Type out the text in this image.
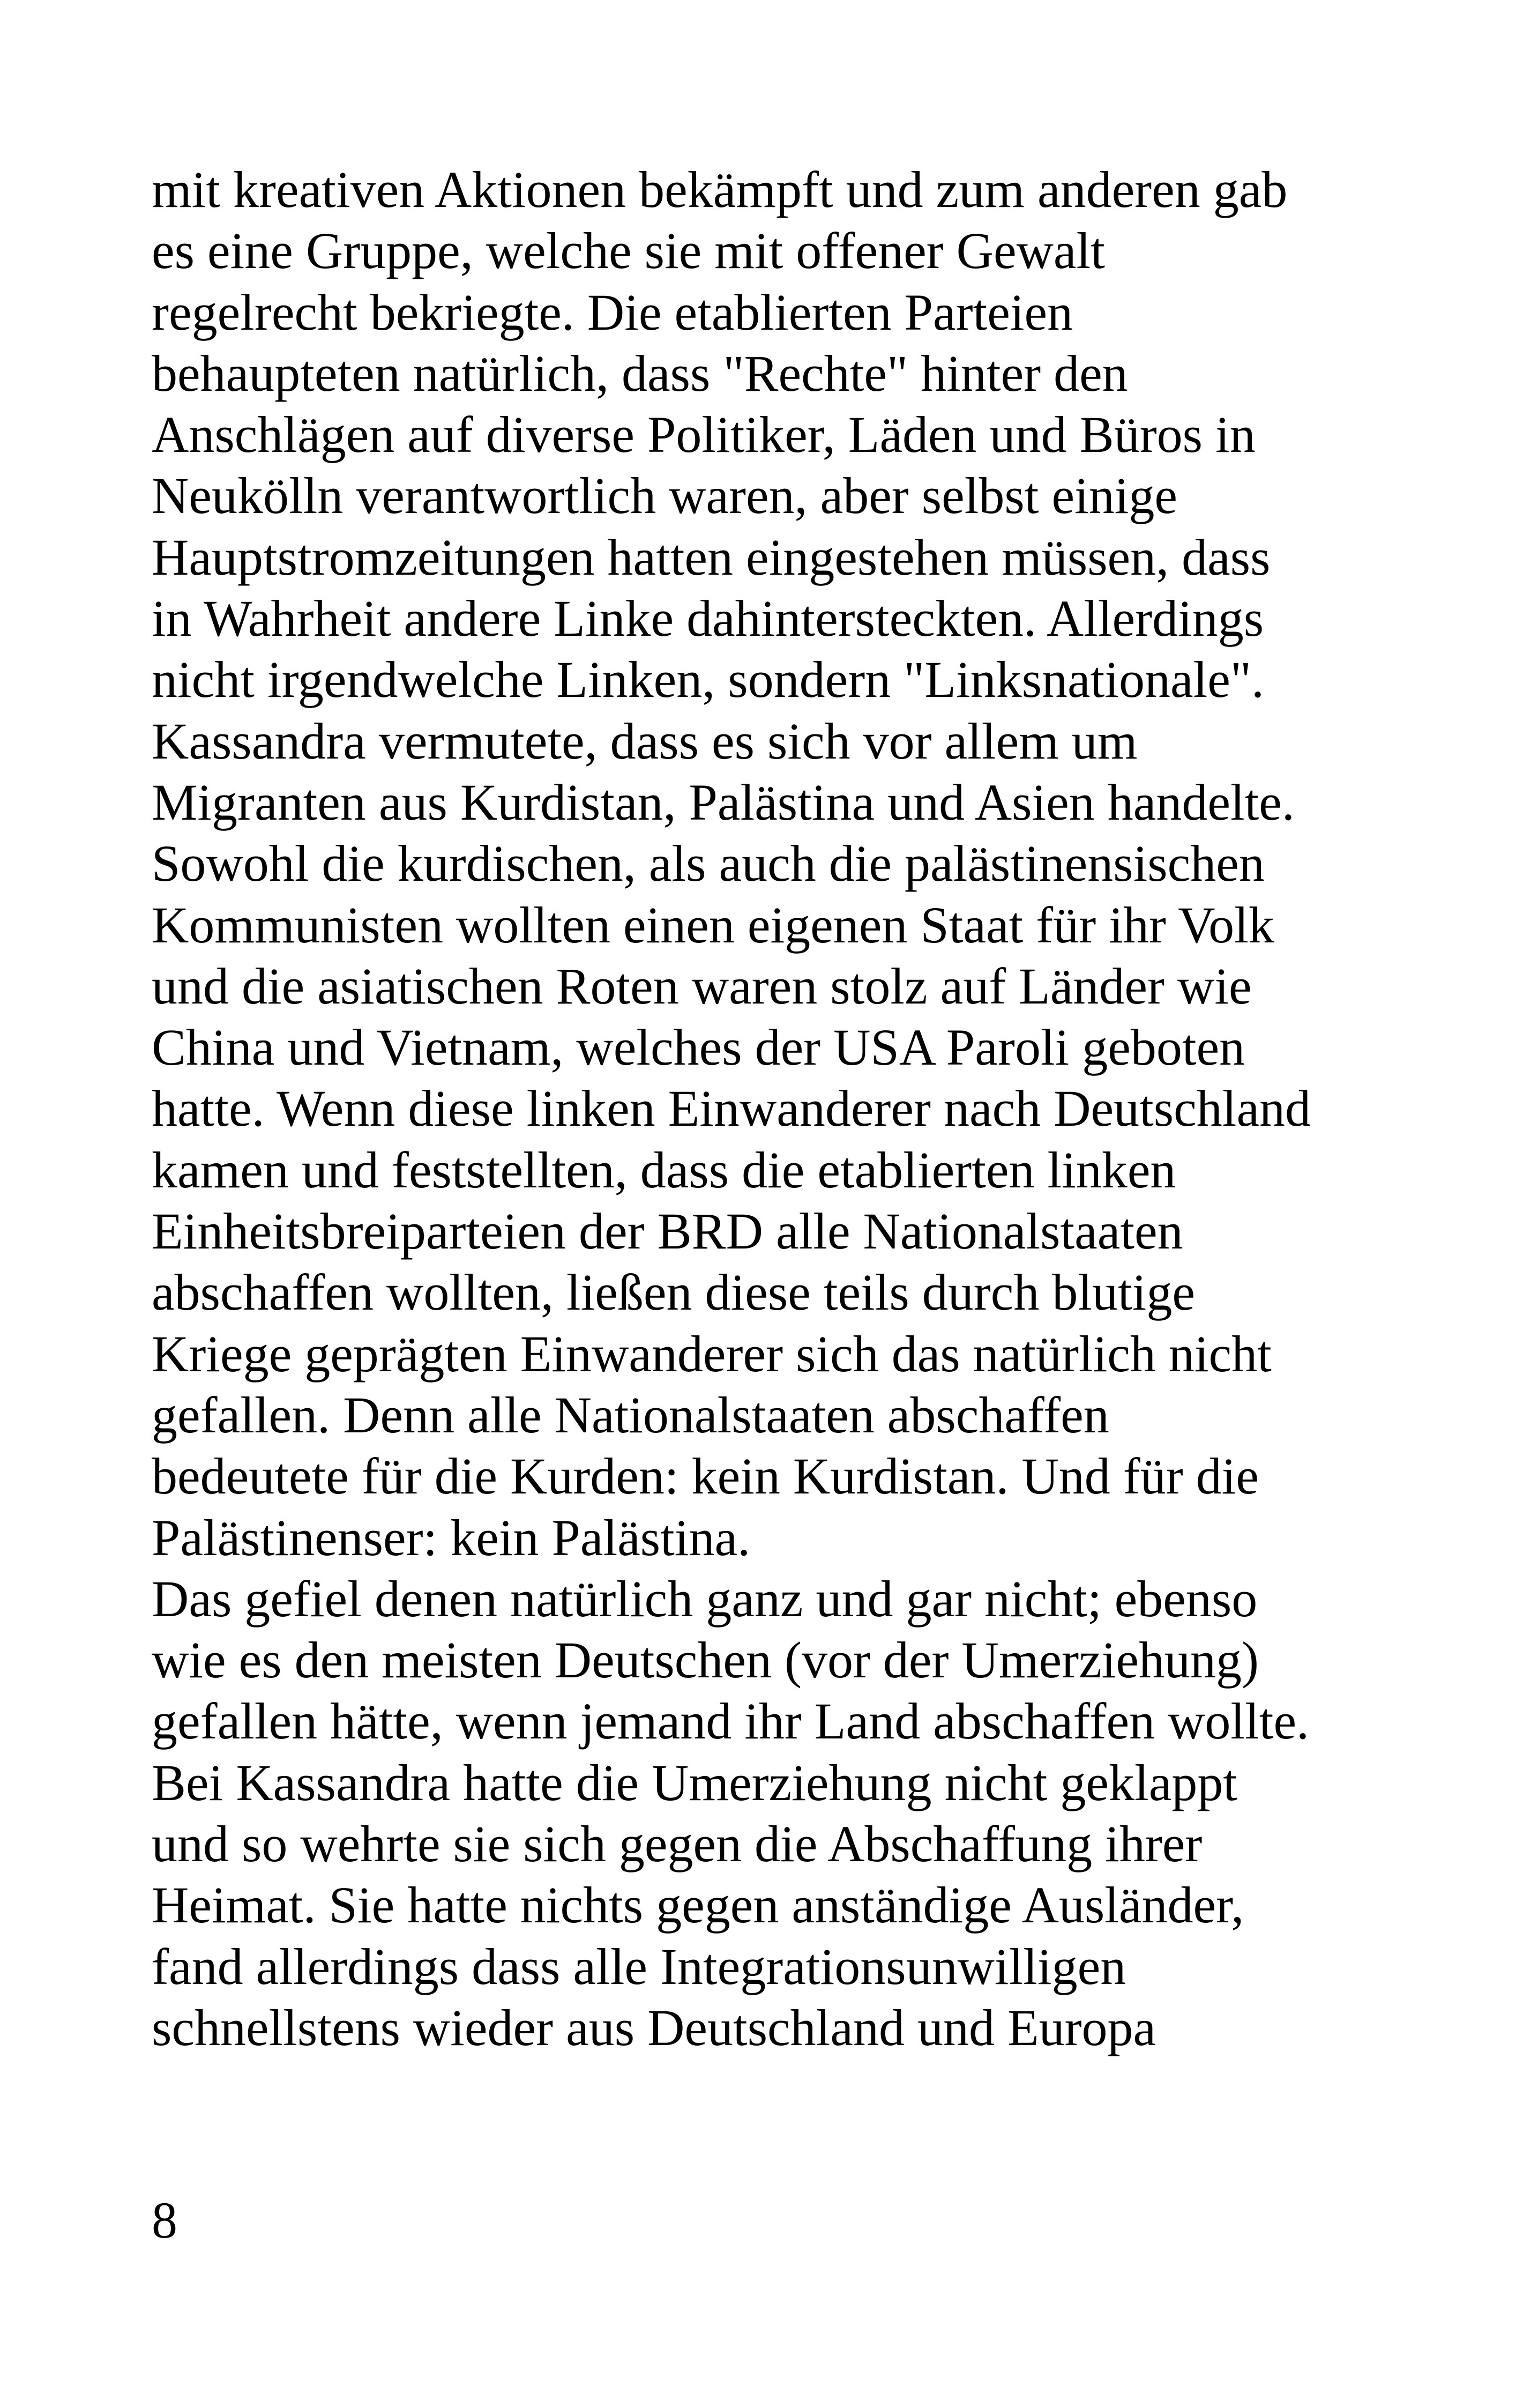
mit kreativen Aktionen bekämpft und zum anderen gab
es eine Gruppe, welche sie mit offener Gewalt
regelrecht bekriegte. Die etablierten Parteien
behaupteten natürlich, dass "Rechte" hinter den
Anschlägen auf diverse Politiker, Läden und Büros in
Neukölln verantwortlich waren, aber selbst einige
Hauptstromzeitungen hatten eingestehen müssen, dass
in Wahrheit andere Linke dahintersteckten. Allerdings
nicht irgendwelche Linken, sondern "Linksnationale".
Kassandra vermutete, dass es sich vor allem um
Migranten aus Kurdistan, Palästina und Asien handelte.
Sowohl die kurdischen, als auch die palästinensischen
Kommunisten wollten einen eigenen Staat für ihr Volk
und die asiatischen Roten waren stolz auf Länder wie
China und Vietnam, welches der USA Paroli geboten
hatte. Wenn diese linken Einwanderer nach Deutschland
kamen und feststellten, dass die etablierten linken
Einheitsbreiparteien der BRD alle Nationalstaaten
abschaffen wollten, ließen diese teils durch blutige
Kriege geprägten Einwanderer sich das natürlich nicht
gefallen. Denn alle Nationalstaaten abschaffen
bedeutete für die Kurden: kein Kurdistan. Und für die
Palästinenser: kein Palästina.
Das gefiel denen natürlich ganz und gar nicht; ebenso
wie es den meisten Deutschen (vor der Umerziehung)
gefallen hätte, wenn jemand ihr Land abschaffen wollte.
Bei Kassandra hatte die Umerziehung nicht geklappt
und so wehrte sie sich gegen die Abschaffung ihrer
Heimat. Sie hatte nichts gegen anständige Ausländer,
fand allerdings dass alle Integrationsunwilligen
schnellstens wieder aus Deutschland und Europa
8
